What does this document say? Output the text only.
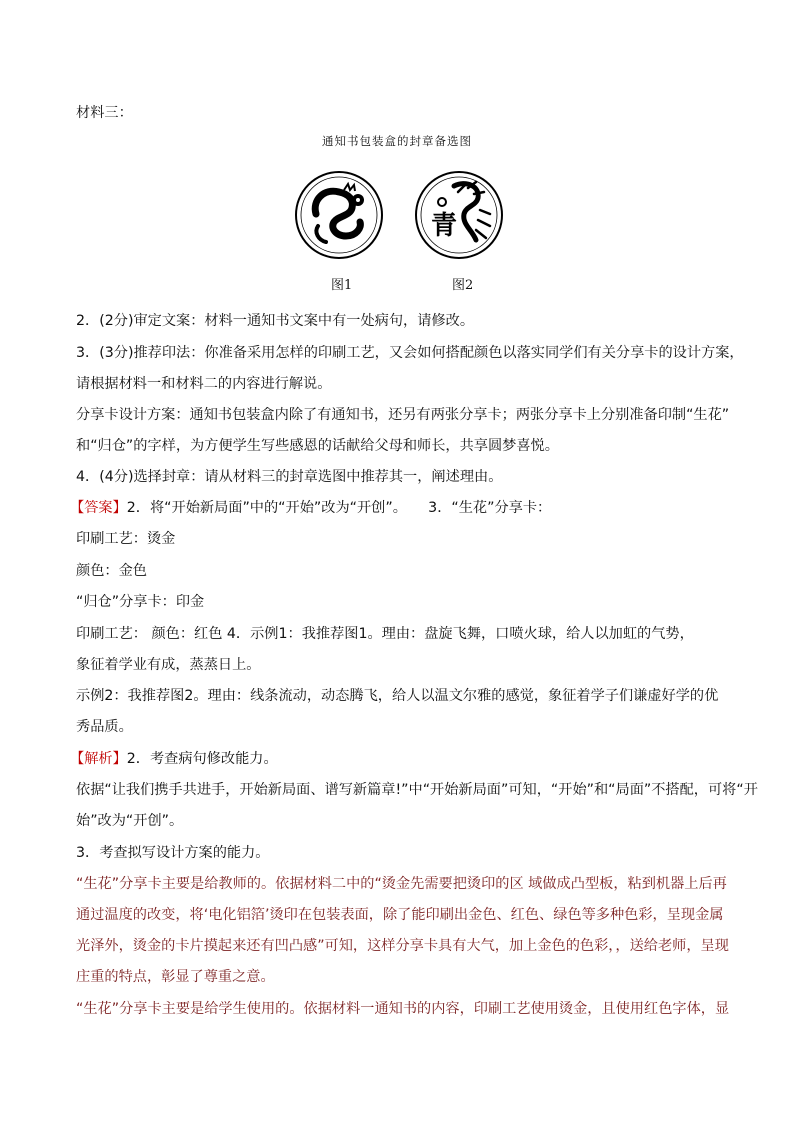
材料三：
通知书包装盒的封章备选图
青
图1	图2
2．(2分)审定文案：材料一通知书文案中有一处病句，请修改。
3．(3分)推荐印法：你准备采用怎样的印刷工艺，又会如何搭配颜色以落实同学们有关分享卡的设计方案，
请根据材料一和材料二的内容进行解说。
分享卡设计方案：通知书包装盒内除了有通知书，还另有两张分享卡；两张分享卡上分别准备印制“生花”
和“归仓”的字样，为方便学生写些感恩的话献给父母和师长，共享圆梦喜悦。
4．(4分)选择封章：请从材料三的封章选图中推荐其一，阐述理由。
【答案】2．将“开始新局面”中的“开始”改为“开创”。　　3．“生花”分享卡：
印刷工艺：烫金
颜色：金色
“归仓”分享卡：印金
印刷工艺： 颜色：红色 4．示例1：我推荐图1。理由：盘旋飞舞，口喷火球，给人以加虹的气势，
象征着学业有成，蒸蒸日上。
示例2：我推荐图2。理由：线条流动，动态腾飞，给人以温文尔雅的感觉，象征着学子们谦虚好学的优
秀品质。
【解析】2．考查病句修改能力。
依据“让我们携手共进手，开始新局面、谱写新篇章!”中“开始新局面”可知，“开始”和“局面”不搭配，可将“开
始”改为“开创”。
3．考查拟写设计方案的能力。
“生花”分享卡主要是给教师的。依据材料二中的“烫金先需要把烫印的区 域做成凸型板，粘到机器上后再
通过温度的改变，将‘电化铝箔’烫印在包装表面，除了能印刷出金色、红色、绿色等多种色彩，呈现金属
光泽外，烫金的卡片摸起来还有凹凸感”可知，这样分享卡具有大气，加上金色的色彩，，送给老师，呈现
庄重的特点，彰显了尊重之意。
“生花”分享卡主要是给学生使用的。依据材料一通知书的内容，印刷工艺使用烫金，且使用红色字体，显
